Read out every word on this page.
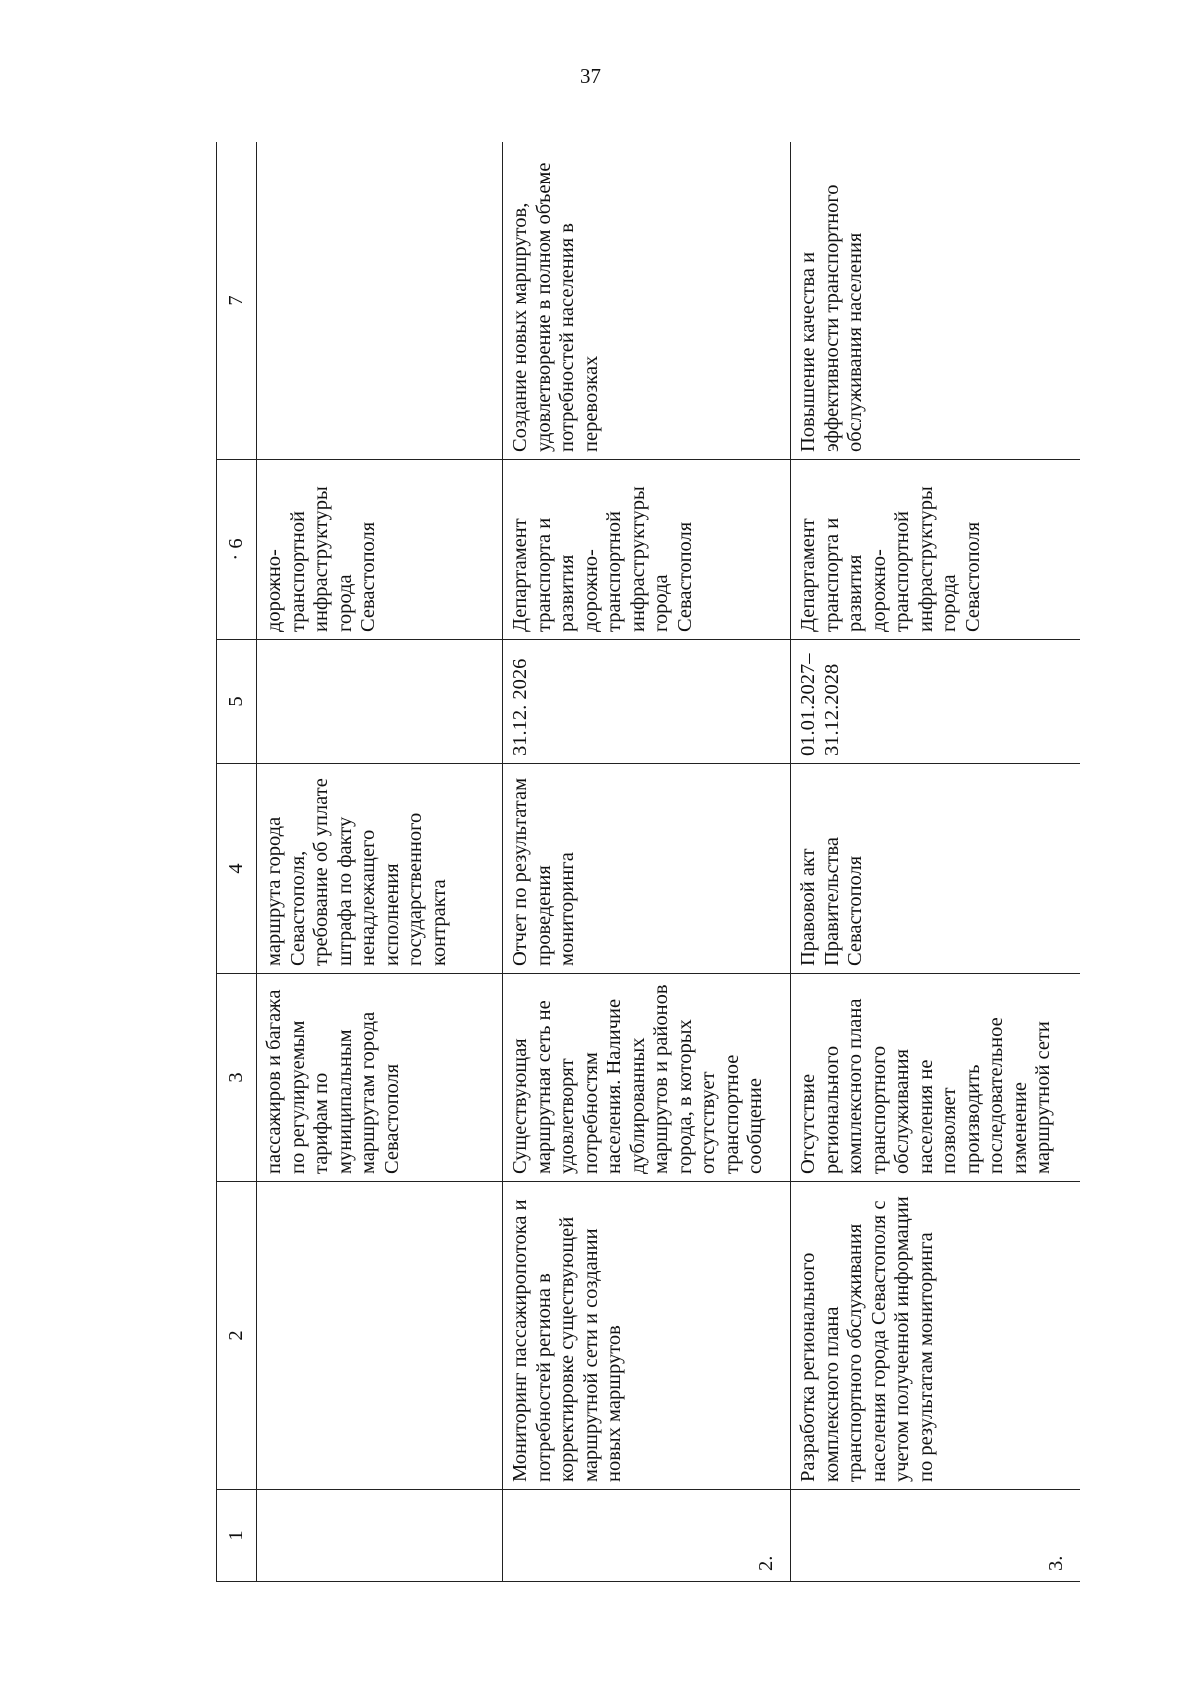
37
1	2	3	4	5	· 6	7
		пассажиров и багажа по регулируемым тарифам по муниципальным маршрутам города Севастополя	маршрута города Севастополя, требование об уплате штрафа по факту ненадлежащего исполнения государственного контракта		дорожно-транспортной инфраструктуры города Севастополя	
2.	Мониторинг пассажиропотока и потребностей региона в корректировке существующей маршрутной сети и создании новых маршрутов	Существующая маршрутная сеть не удовлетворят потребностям населения. Наличие дублированных маршрутов и районов города, в которых отсутствует транспортное сообщение	Отчет по результатам проведения мониторинга	31.12. 2026	Департамент транспорта и развития дорожно-транспортной инфраструктуры города Севастополя	Создание новых маршрутов, удовлетворение в полном объеме потребностей населения в перевозках
3.	Разработка регионального комплексного плана транспортного обслуживания населения города Севастополя с учетом полученной информации по результатам мониторинга	Отсутствие регионального комплексного плана транспортного обслуживания населения не позволяет производить последовательное изменение маршрутной сети	Правовой акт Правительства Севастополя	01.01.2027–31.12.2028	Департамент транспорта и развития дорожно-транспортной инфраструктуры города Севастополя	Повышение качества и эффективности транспортного обслуживания населения
